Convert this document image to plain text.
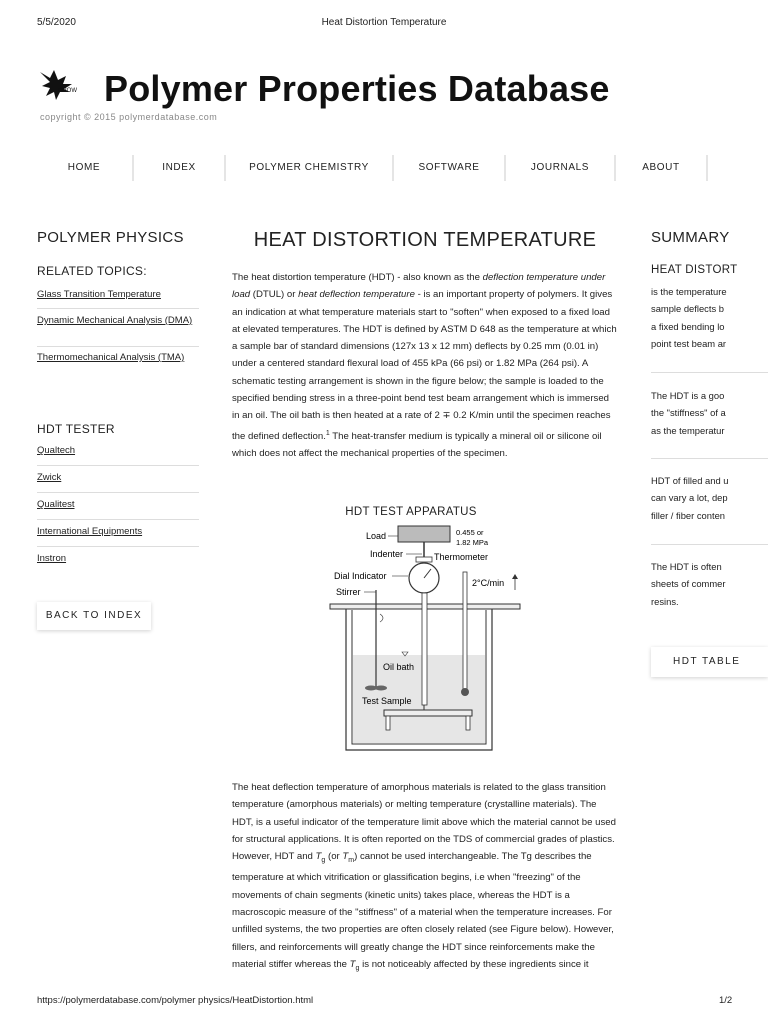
5/5/2020	Heat Distortion Temperature
CROW Polymer Properties Database
copyright © 2015 polymerdatabase.com
HOME	INDEX	POLYMER CHEMISTRY	SOFTWARE	JOURNALS	ABOUT
POLYMER PHYSICS
RELATED TOPICS:
Glass Transition Temperature
Dynamic Mechanical Analysis (DMA)
Thermomechanical Analysis (TMA)
HDT TESTER
Qualtech
Zwick
Qualitest
International Equipments
Instron
BACK TO INDEX
HEAT DISTORTION TEMPERATURE

The heat distortion temperature (HDT) - also known as the deflection temperature under load (DTUL) or heat deflection temperature - is an important property of polymers. It gives an indication at what temperature materials start to "soften" when exposed to a fixed load at elevated temperatures. The HDT is defined by ASTM D 648 as the temperature at which a sample bar of standard dimensions (127x 13 x 12 mm) deflects by 0.25 mm (0.01 in) under a centered standard flexural load of 455 kPa (66 psi) or 1.82 MPa (264 psi). A schematic testing arrangement is shown in the figure below; the sample is loaded to the specified bending stress in a three-point bend test beam arrangement which is immersed in an oil. The oil bath is then heated at a rate of 2 ∓ 0.2 K/min until the specimen reaches the defined deflection.$^1$ The heat-transfer medium is typically a mineral oil or silicone oil which does not affect the mechanical properties of the specimen.

HDT TEST APPARATUS
Load	0.455 or
1.82 MPa
Indenter	Thermometer
Dial Indicator
2°C/min
Stirrer
Oil bath
Test Sample

The heat deflection temperature of amorphous materials is related to the glass transition temperature (amorphous materials) or melting temperature (crystalline materials). The HDT, is a useful indicator of the temperature limit above which the material cannot be used for structural applications. It is often reported on the TDS of commercial grades of plastics. However, HDT and $T_g$ (or $T_m$) cannot be used interchangeable. The Tg describes the temperature at which vitrification or glassification begins, i.e when "freezing" of the movements of chain segments (kinetic units) takes place, whereas the HDT is a macroscopic measure of the "stiffness" of a material when the temperature increases. For unfilled systems, the two properties are often closely related (see Figure below). However, fillers, and reinforcements will greatly change the HDT since reinforcements make the material stiffer whereas the $T_g$ is not noticeably affected by these ingredients since it

SUMMARY
HEAT DISTORT

is the temperature
sample deflects b
a fixed bending lo
point test beam ar

The HDT is a goo
the "stiffness" of a
as the temperatur

HDT of filled and u
can vary a lot, dep
filler / fiber conten

The HDT is often
sheets of commer
resins.

HDT TABLE
https://polymerdatabase.com/polymer physics/HeatDistortion.html	1/2
